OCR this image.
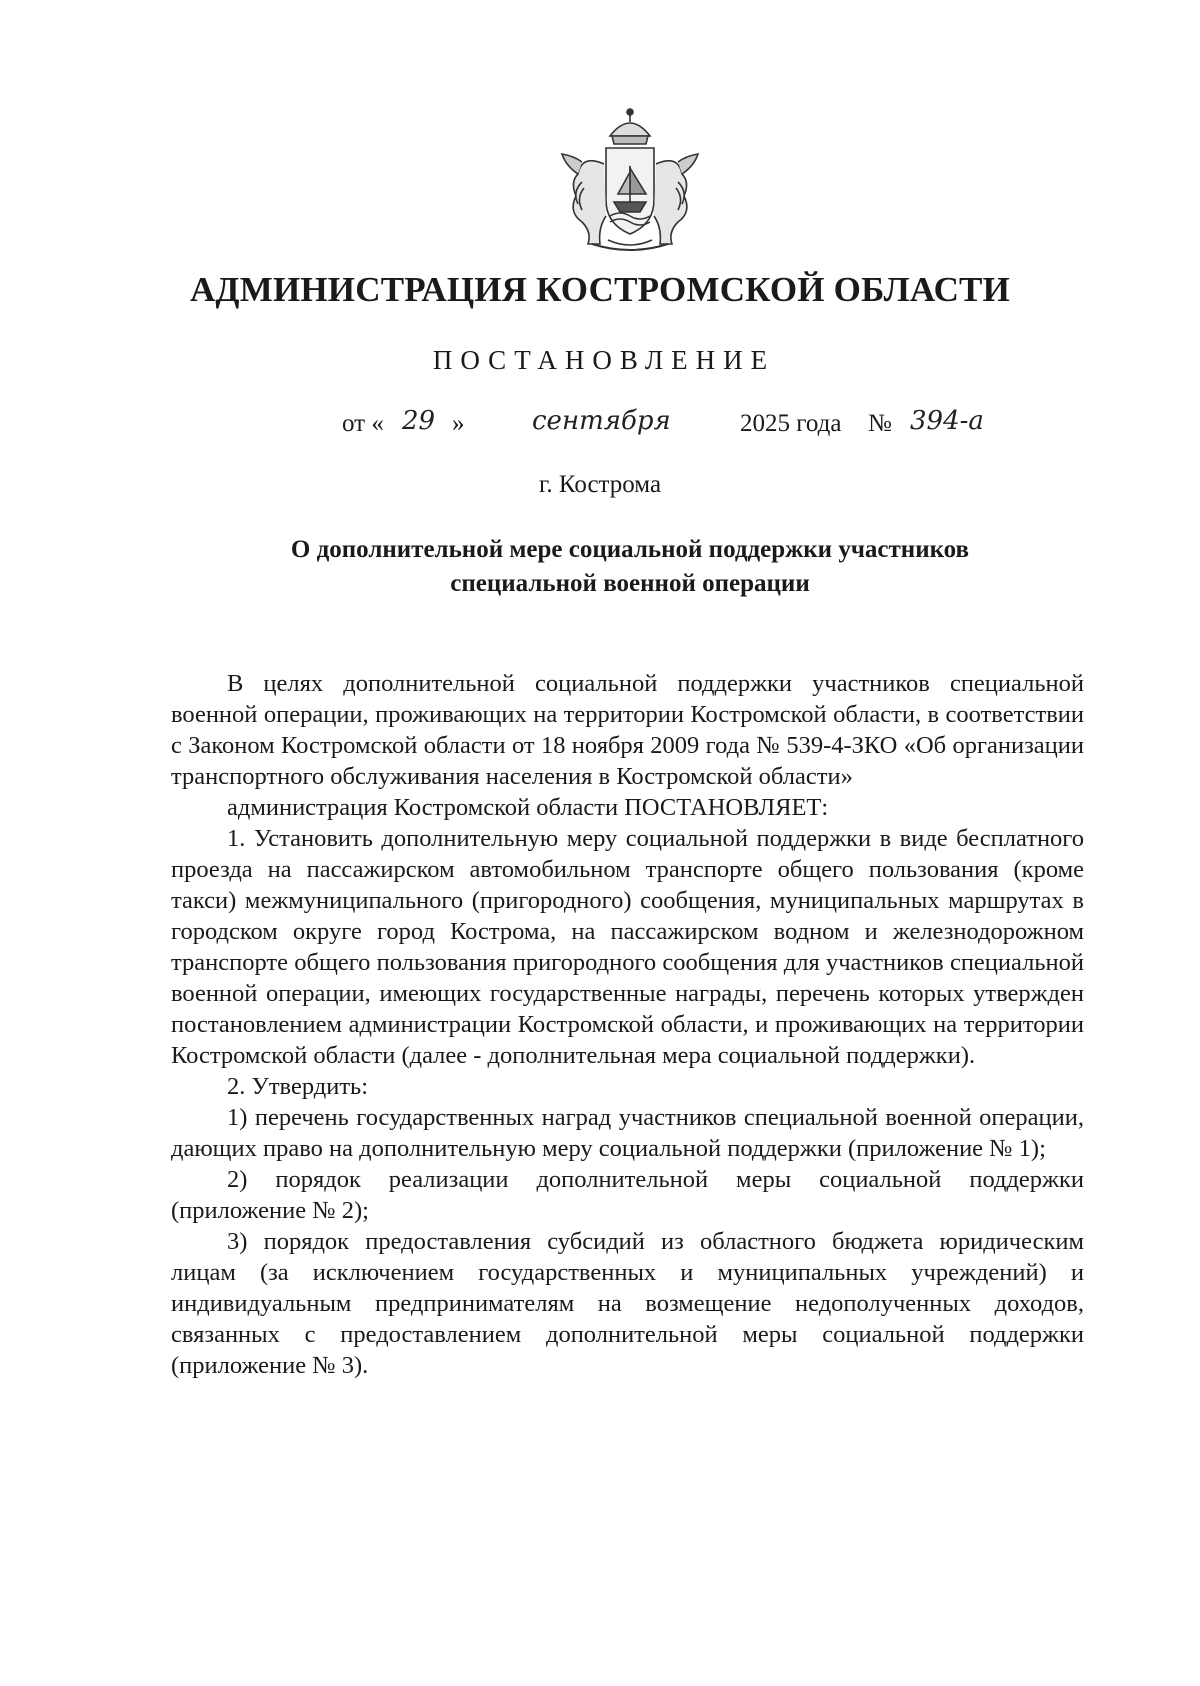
АДМИНИСТРАЦИЯ КОСТРОМСКОЙ ОБЛАСТИ
ПОСТАНОВЛЕНИЕ
от « 29 »	сентября	2025 года № 394-а
г. Кострома
О дополнительной мере социальной поддержки участников
специальной военной операции

В целях дополнительной социальной поддержки участников специальной военной операции, проживающих на территории Костромской области, в соответствии с Законом Костромской области от 18 ноября 2009 года № 539-4-ЗКО «Об организации транспортного обслуживания населения в Костромской области»

администрация Костромской области ПОСТАНОВЛЯЕТ:

1. Установить дополнительную меру социальной поддержки в виде бесплатного проезда на пассажирском автомобильном транспорте общего пользования (кроме такси) межмуниципального (пригородного) сообщения, муниципальных маршрутах в городском округе город Кострома, на пассажирском водном и железнодорожном транспорте общего пользования пригородного сообщения для участников специальной военной операции, имеющих государственные награды, перечень которых утвержден постановлением администрации Костромской области, и проживающих на территории Костромской области (далее - дополнительная мера социальной поддержки).

2. Утвердить:

1) перечень государственных наград участников специальной военной операции, дающих право на дополнительную меру социальной поддержки (приложение № 1);

2) порядок реализации дополнительной меры социальной поддержки (приложение № 2);

3) порядок предоставления субсидий из областного бюджета юридическим лицам (за исключением государственных и муниципальных учреждений) и индивидуальным предпринимателям на возмещение недополученных доходов, связанных с предоставлением дополнительной меры социальной поддержки (приложение № 3).
